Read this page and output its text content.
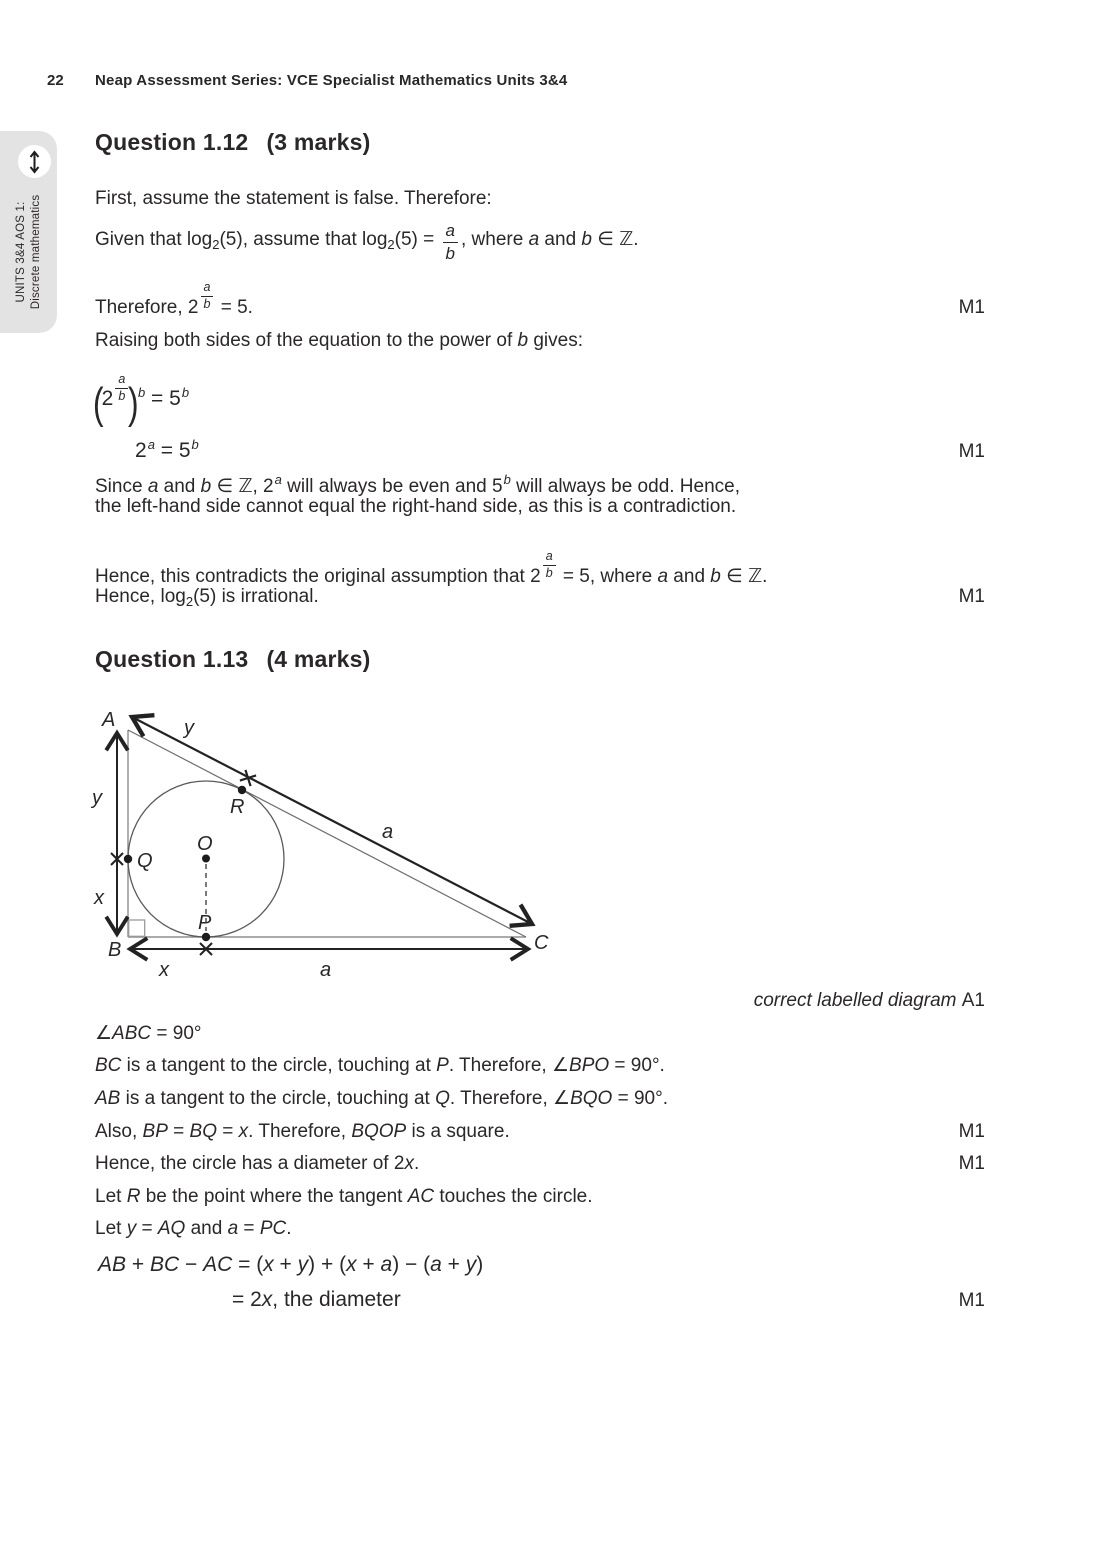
22 Neap Assessment Series: VCE Specialist Mathematics Units 3&4
UNITS 3&4 AOS 1: Discrete mathematics
Question 1.12 (3 marks)
First, assume the statement is false. Therefore:
Given that $\log_2(5)$, assume that $\log_2(5) = \frac{a}{b}$ , where a and b ∈ ℤ.
Therefore, $2 \frac{a}{b} = 5$.	M1
Raising both sides of the equation to the power of b gives:
$(2 \frac{a}{b} )^b = 5^b$
$2^a = 5^b$	M1
Since a and b ∈ ℤ, 2$^a$ will always be even and 5$^b$ will always be odd. Hence,
the left-hand side cannot equal the right-hand side, as this is a contradiction.
Hence, this contradicts the original assumption that $2 \frac{a}{b} = 5$, where a and b ∈ ℤ.
Hence, $\log_2(5)$ is irrational.	M1
Question 1.13 (4 marks)
A
B	C
O
P
Q
R
y
x
x	a
y
a
correct labelled diagram A1
∠ABC = 90°
BC is a tangent to the circle, touching at P. Therefore, ∠BPO = 90°.
AB is a tangent to the circle, touching at Q. Therefore, ∠BQO = 90°.
Also, BP = BQ = x. Therefore, BQOP is a square.	M1
Hence, the circle has a diameter of 2x.	M1
Let R be the point where the tangent AC touches the circle.
Let y = AQ and a = PC.
AB + BC − AC = (x + y) + (x + a) − (a + y)
= 2x, the diameter	M1
